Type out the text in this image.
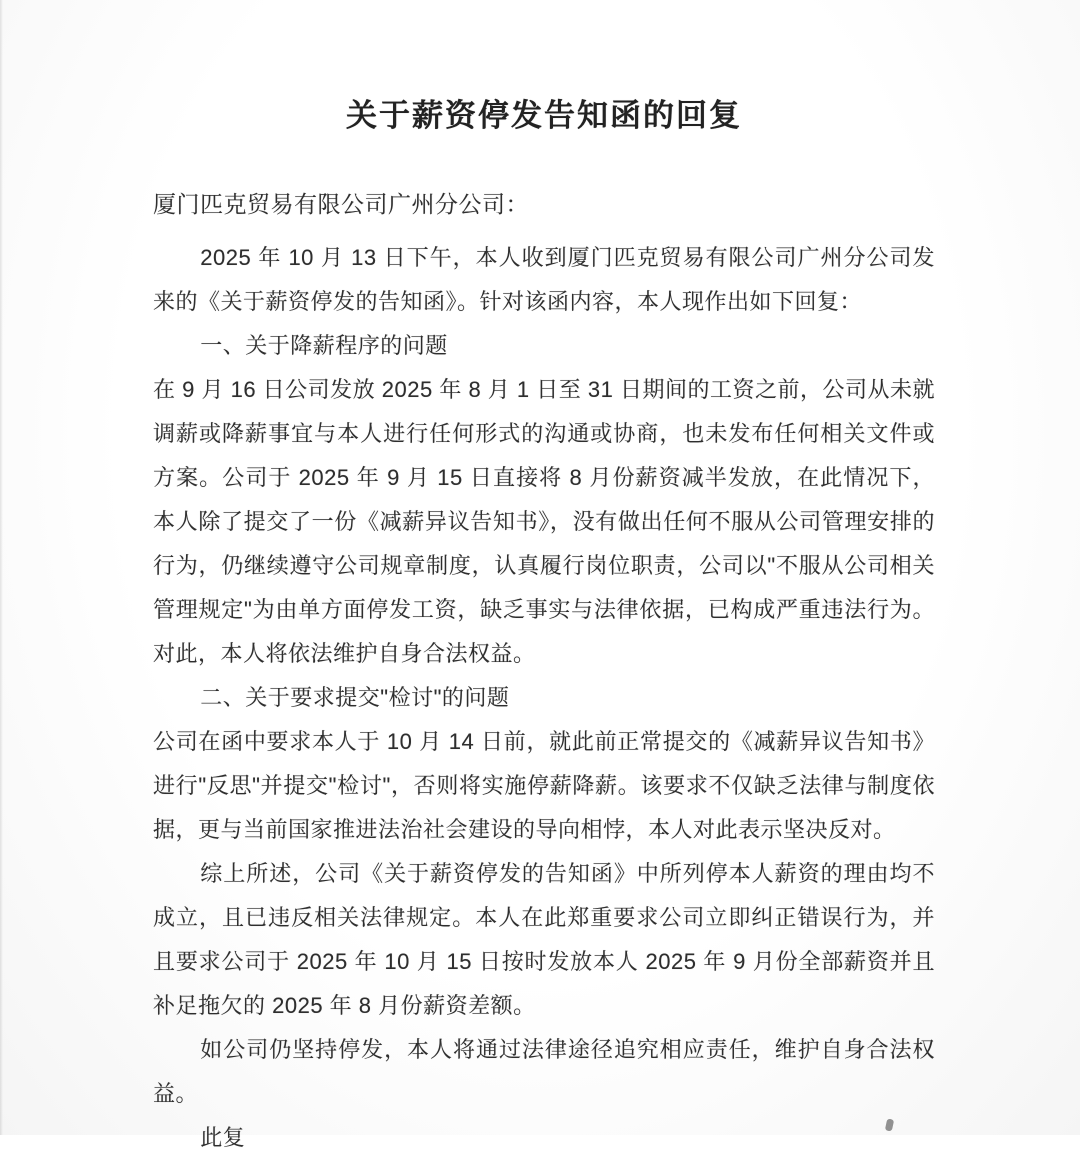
关于薪资停发告知函的回复
厦门匹克贸易有限公司广州分公司：

2025 年 10 月 13 日下午，本人收到厦门匹克贸易有限公司广州分公司发来的《关于薪资停发的告知函》。针对该函内容，本人现作出如下回复：

一、关于降薪程序的问题

在 9 月 16 日公司发放 2025 年 8 月 1 日至 31 日期间的工资之前，公司从未就调薪或降薪事宜与本人进行任何形式的沟通或协商，也未发布任何相关文件或方案。公司于 2025 年 9 月 15 日直接将 8 月份薪资减半发放，在此情况下，本人除了提交了一份《减薪异议告知书》，没有做出任何不服从公司管理安排的行为，仍继续遵守公司规章制度，认真履行岗位职责，公司以"不服从公司相关管理规定"为由单方面停发工资，缺乏事实与法律依据，已构成严重违法行为。对此，本人将依法维护自身合法权益。

二、关于要求提交"检讨"的问题

公司在函中要求本人于 10 月 14 日前，就此前正常提交的《减薪异议告知书》进行"反思"并提交"检讨"，否则将实施停薪降薪。该要求不仅缺乏法律与制度依据，更与当前国家推进法治社会建设的导向相悖，本人对此表示坚决反对。

综上所述，公司《关于薪资停发的告知函》中所列停本人薪资的理由均不成立，且已违反相关法律规定。本人在此郑重要求公司立即纠正错误行为，并且要求公司于 2025 年 10 月 15 日按时发放本人 2025 年 9 月份全部薪资并且补足拖欠的 2025 年 8 月份薪资差额。

如公司仍坚持停发，本人将通过法律途径追究相应责任，维护自身合法权益。

此复
